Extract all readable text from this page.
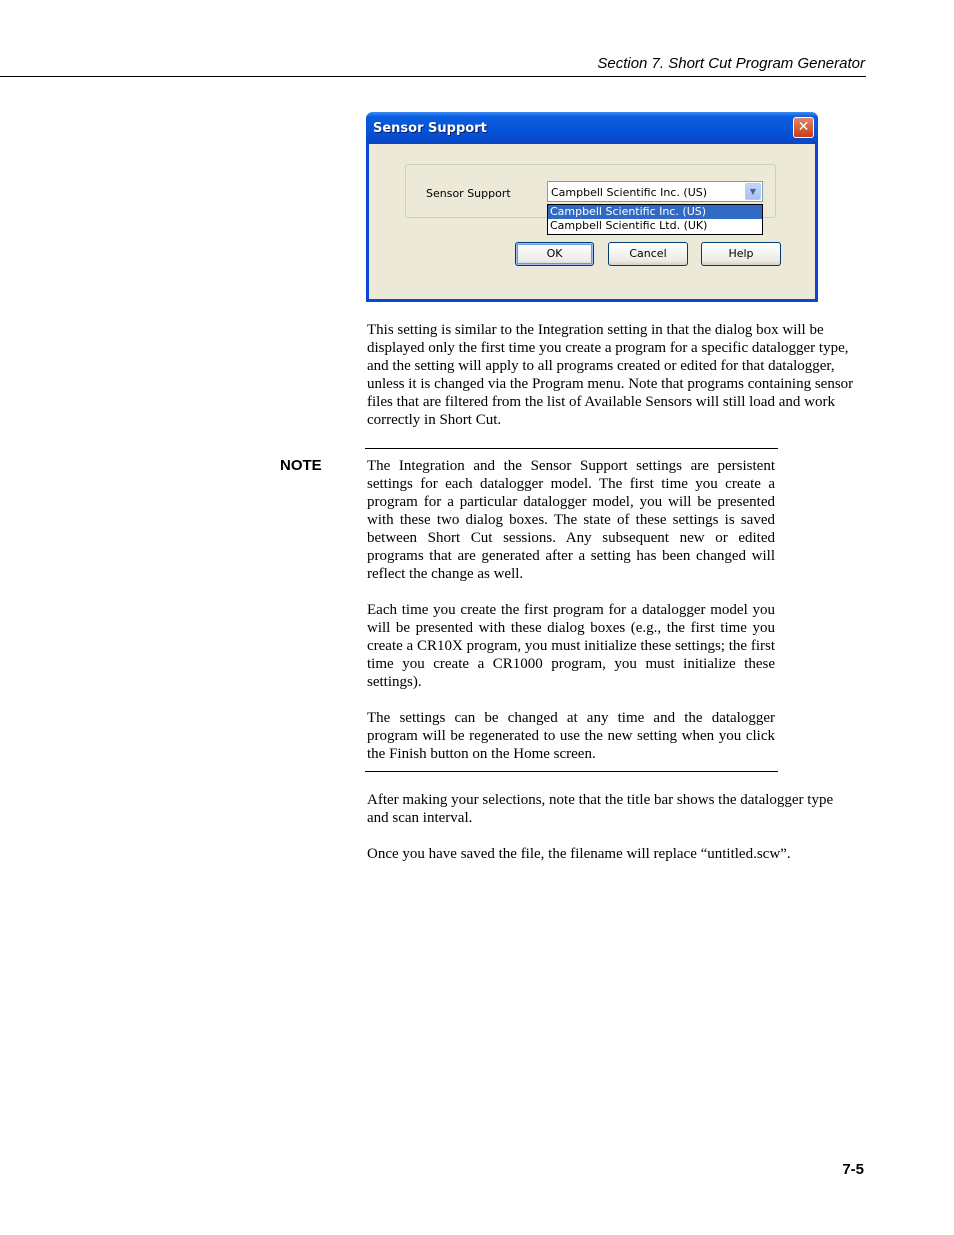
Section 7. Short Cut Program Generator
Sensor Support	✕
Sensor Support	Campbell Scientific Inc. (US)	▼
Campbell Scientific Inc. (US)
Campbell Scientific Ltd. (UK)
OK	Cancel	Help

This setting is similar to the Integration setting in that the dialog box will be displayed only the first time you create a program for a specific datalogger type, and the setting will apply to all programs created or edited for that datalogger, unless it is changed via the Program menu. Note that programs containing sensor files that are filtered from the list of Available Sensors will still load and work correctly in Short Cut.

NOTE	The Integration and the Sensor Support settings are persistent settings for each datalogger model. The first time you create a program for a particular datalogger model, you will be presented with these two dialog boxes. The state of these settings is saved between Short Cut sessions. Any subsequent new or edited programs that are generated after a setting has been changed will reflect the change as well.

Each time you create the first program for a datalogger model you will be presented with these dialog boxes (e.g., the first time you create a CR10X program, you must initialize these settings; the first time you create a CR1000 program, you must initialize these settings).

The settings can be changed at any time and the datalogger program will be regenerated to use the new setting when you click the Finish button on the Home screen.

After making your selections, note that the title bar shows the datalogger type and scan interval.

Once you have saved the file, the filename will replace “untitled.scw”.

7-5
